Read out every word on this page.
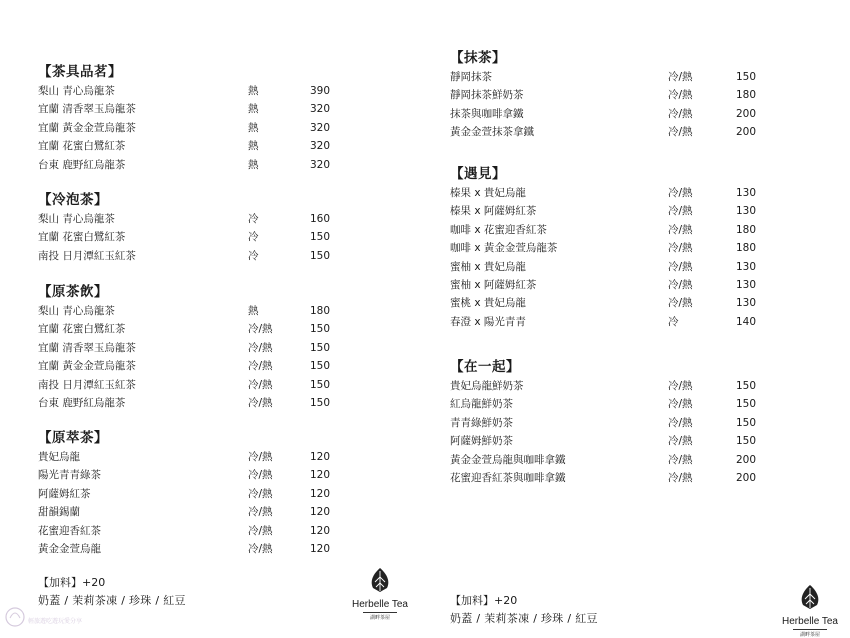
【茶具品茗】
梨山 青心烏龍茶	熱	390
宜蘭 清香翠玉烏龍茶	熱	320
宜蘭 黃金金萱烏龍茶	熱	320
宜蘭 花蜜白鷺紅茶	熱	320
台東 鹿野紅烏龍茶	熱	320
【冷泡茶】
梨山 青心烏龍茶	冷	160
宜蘭 花蜜白鷺紅茶	冷	150
南投 日月潭紅玉紅茶	冷	150
【原茶飲】
梨山 青心烏龍茶	熱	180
宜蘭 花蜜白鷺紅茶	冷/熱	150
宜蘭 清香翠玉烏龍茶	冷/熱	150
宜蘭 黃金金萱烏龍茶	冷/熱	150
南投 日月潭紅玉紅茶	冷/熱	150
台東 鹿野紅烏龍茶	冷/熱	150
【原萃茶】
貴妃烏龍	冷/熱	120
陽光青青綠茶	冷/熱	120
阿薩姆紅茶	冷/熱	120
甜韻錫蘭	冷/熱	120
花蜜迎香紅茶	冷/熱	120
黃金金萱烏龍	冷/熱	120
【抹茶】
靜岡抹茶	冷/熱	150
靜岡抹茶鮮奶茶	冷/熱	180
抹茶與咖啡拿鐵	冷/熱	200
黃金金萱抹茶拿鐵	冷/熱	200
【遇見】
榛果 x 貴妃烏龍	冷/熱	130
榛果 x 阿薩姆紅茶	冷/熱	130
咖啡 x 花蜜迎香紅茶	冷/熱	180
咖啡 x 黃金金萱烏龍茶	冷/熱	180
蜜柚 x 貴妃烏龍	冷/熱	130
蜜柚 x 阿薩姆紅茶	冷/熱	130
蜜桃 x 貴妃烏龍	冷/熱	130
春澄 x 陽光青青	冷	140
【在一起】
貴妃烏龍鮮奶茶	冷/熱	150
紅烏龍鮮奶茶	冷/熱	150
青青綠鮮奶茶	冷/熱	150
阿薩姆鮮奶茶	冷/熱	150
黃金金萱烏龍與咖啡拿鐵	冷/熱	200
花蜜迎香紅茶與咖啡拿鐵	冷/熱	200
【加料】+20
奶蓋 / 茉莉茶凍 / 珍珠 / 紅豆	【加料】+20
奶蓋 / 茉莉茶凍 / 珍珠 / 紅豆
Herbelle Tea
湖畔茶屋	Herbelle Tea
湖畔茶屋
輕旅遊吃遊玩愛分享
